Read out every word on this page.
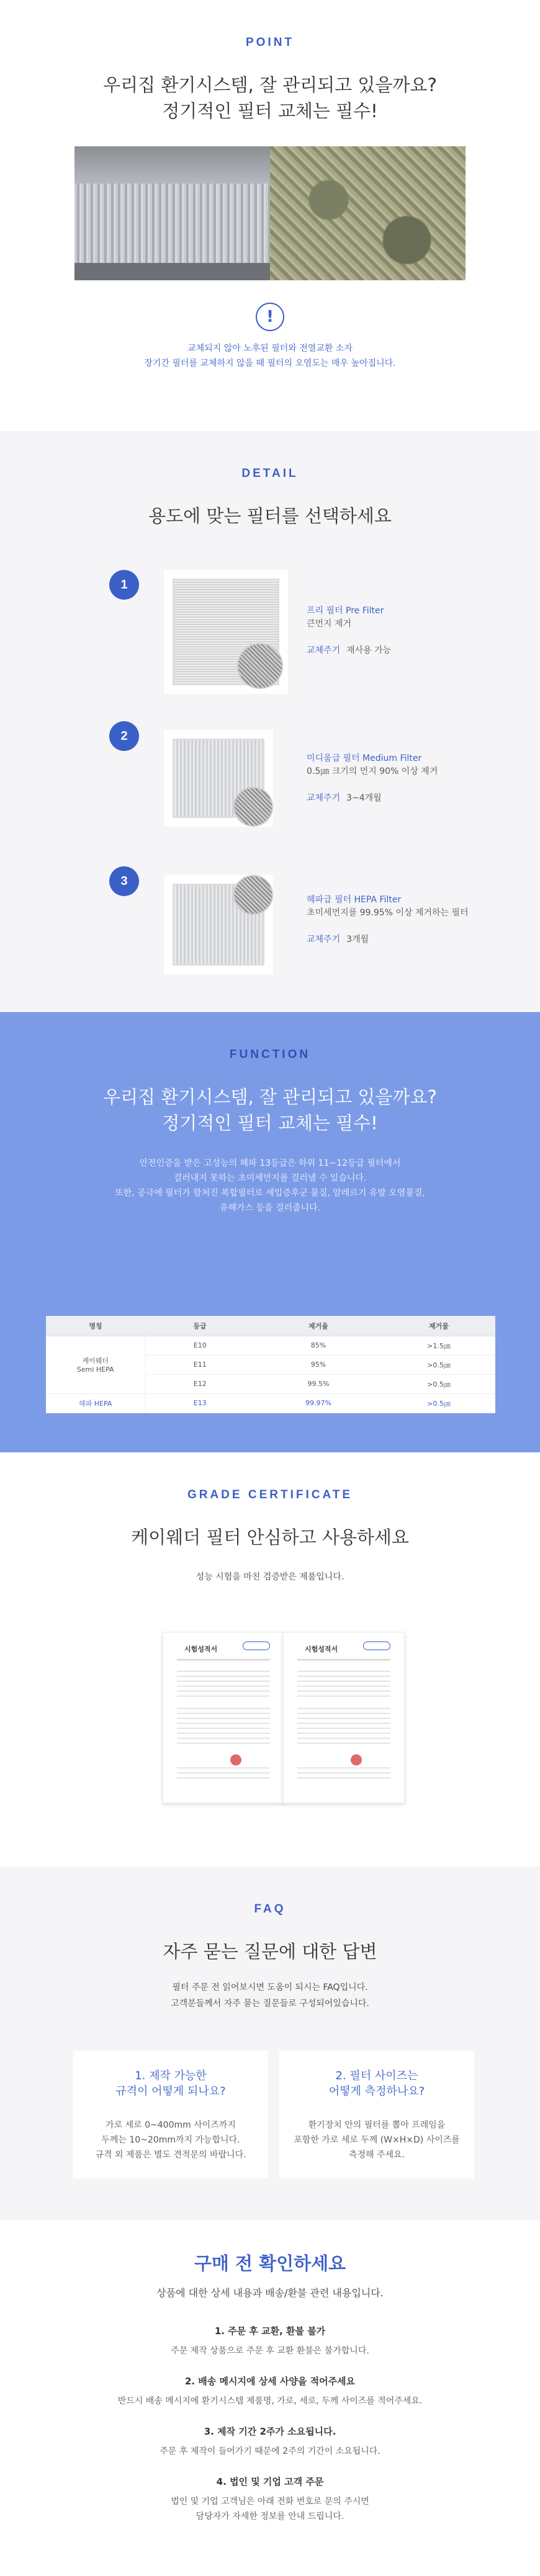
POINT
우리집 환기시스템, 잘 관리되고 있을까요?
정기적인 필터 교체는 필수!
!
교체되지 않아 노후된 필터와 전열교환 소자
장기간 필터를 교체하지 않을 때 필터의 오염도는 매우 높아집니다.
DETAIL
용도에 맞는 필터를 선택하세요
1
프리 필터 Pre Filter
큰먼지 제거
교체주기 재사용 가능
2
미디움급 필터 Medium Filter
0.5㎛ 크기의 먼지 90% 이상 제거
교체주기 3~4개월
3
헤파급 필터 HEPA Filter
초미세먼지를 99.95% 이상 제거하는 필터
교체주기 3개월
FUNCTION
우리집 환기시스템, 잘 관리되고 있을까요?
정기적인 필터 교체는 필수!
안전인증을 받은 고성능의 헤파 13등급은 하위 11~12등급 필터에서
걸러내지 못하는 초미세먼지를 걸러낼 수 있습니다.
또한, 공극에 필터가 함처진 복합필터로 세입증후군 물질, 알레르기 유발 오염물질,
유해가스 등을 걸러줍니다.
명칭	등급	제거율	제거물

케이웨더
Semi HEPA	E10	85%	>1.5㎛
	E11	95%	>0.5㎛
	E12	99.5%	>0.5㎛
헤파 HEPA	E13	99.97%	>0.5㎛
GRADE CERTIFICATE
케이웨더 필터 안심하고 사용하세요
성능 시험을 마친 검증받은 제품입니다.
시험성적서	시험성적서
FAQ
자주 묻는 질문에 대한 답변
필터 주문 전 읽어보시면 도움이 되시는 FAQ입니다.
고객분들께서 자주 묻는 질문들로 구성되어있습니다.
1. 제작 가능한
규격이 어떻게 되나요?
가로 세로 0~400mm 사이즈까지
두께는 10~20mm까지 가능합니다.
규격 외 제품은 별도 견적문의 바랍니다.
2. 필터 사이즈는
어떻게 측정하나요?
환기장치 안의 필터를 뽑아 프레임을
포함한 가로 세로 두께 (W×H×D) 사이즈를
측정해 주세요.
구매 전 확인하세요
상품에 대한 상세 내용과 배송/환불 관련 내용입니다.
1. 주문 후 교환, 환불 불가
주문 제작 상품으로 주문 후 교환 환불은 불가합니다.
2. 배송 메시지에 상세 사양을 적어주세요
반드시 배송 메시지에 환기시스템 제품명, 가로, 세로, 두께 사이즈를 적어주세요.
3. 제작 기간 2주가 소요됩니다.
주문 후 제작이 들어가기 때문에 2주의 기간이 소요됩니다.
4. 법인 및 기업 고객 주문
법인 및 기업 고객님은 아래 전화 번호로 문의 주시면
담당자가 자세한 정보를 안내 드립니다.
